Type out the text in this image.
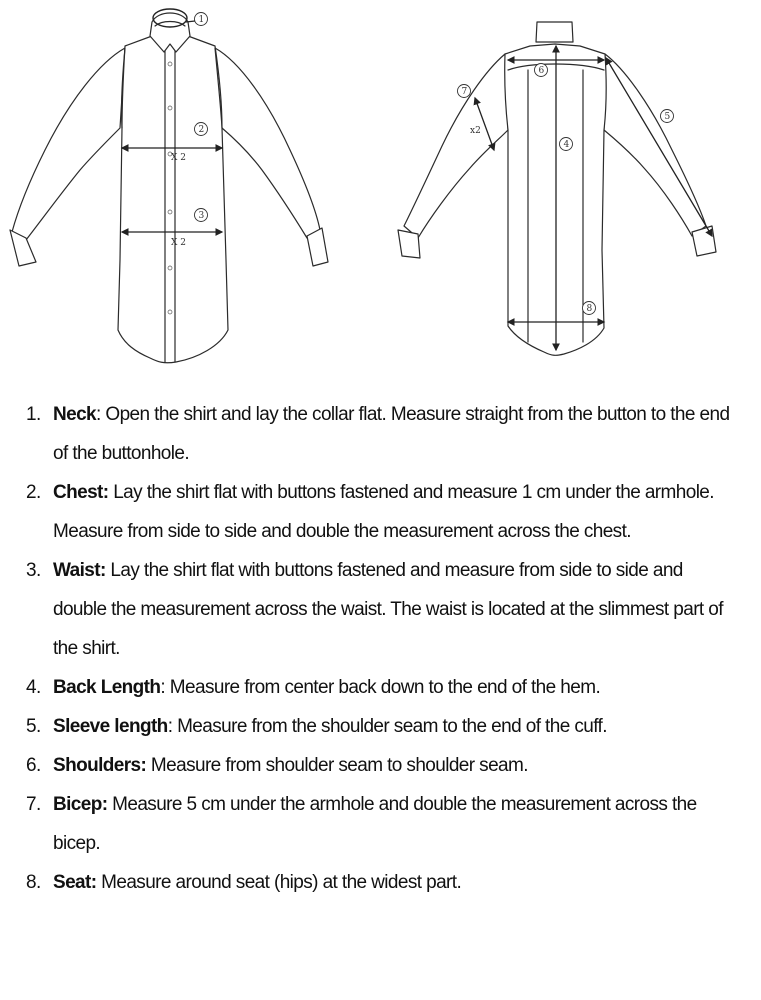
X 2
X 2
1
2
3
x2
4
5
6
7
8
1. Neck: Open the shirt and lay the collar flat. Measure straight from the button to the end of the buttonhole.
2. Chest: Lay the shirt flat with buttons fastened and measure 1 cm under the armhole. Measure from side to side and double the measurement across the chest.
3. Waist: Lay the shirt flat with buttons fastened and measure from side to side and double the measurement across the waist. The waist is located at the slimmest part of the shirt.
4. Back Length: Measure from center back down to the end of the hem.
5. Sleeve length: Measure from the shoulder seam to the end of the cuff.
6. Shoulders: Measure from shoulder seam to shoulder seam.
7. Bicep: Measure 5 cm under the armhole and double the measurement across the bicep.
8. Seat: Measure around seat (hips) at the widest part.
